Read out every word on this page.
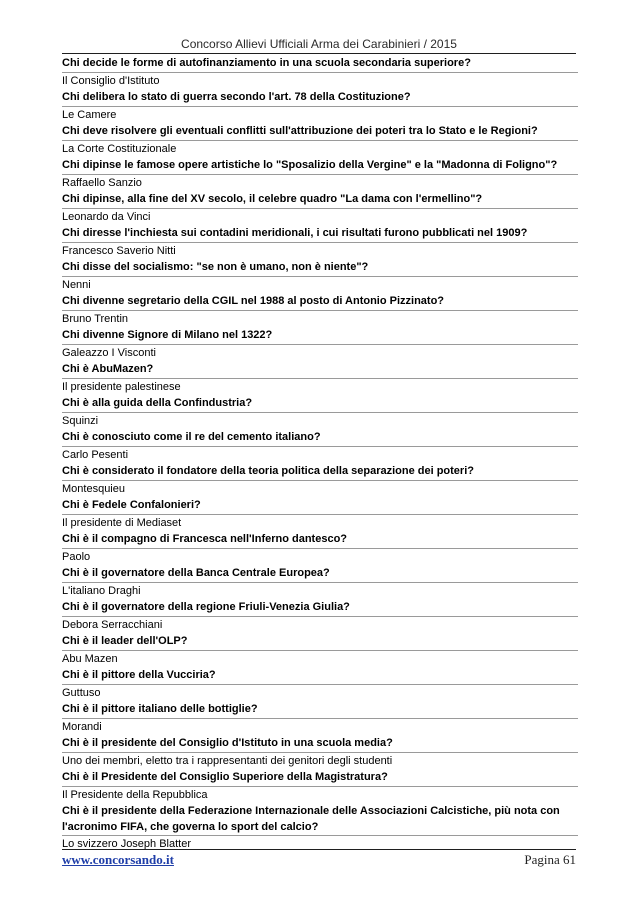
Concorso Allievi Ufficiali Arma dei Carabinieri / 2015
Chi decide le forme di autofinanziamento in una scuola secondaria superiore?
Il Consiglio d'Istituto
Chi delibera lo stato di guerra secondo l'art. 78 della Costituzione?
Le Camere
Chi deve risolvere gli eventuali conflitti sull'attribuzione dei poteri tra lo Stato e le Regioni?
La Corte Costituzionale
Chi dipinse le famose opere artistiche lo "Sposalizio della Vergine" e la "Madonna di Foligno"?
Raffaello Sanzio
Chi dipinse, alla fine del XV secolo, il celebre quadro "La dama con l'ermellino"?
Leonardo da Vinci
Chi diresse l'inchiesta sui contadini meridionali, i cui risultati furono pubblicati nel 1909?
Francesco Saverio Nitti
Chi disse del socialismo: "se non è umano, non è niente"?
Nenni
Chi divenne segretario della CGIL nel 1988 al posto di Antonio Pizzinato?
Bruno Trentin
Chi divenne Signore di Milano nel 1322?
Galeazzo I Visconti
Chi è AbuMazen?
Il presidente palestinese
Chi è alla guida della Confindustria?
Squinzi
Chi è conosciuto come il re del cemento italiano?
Carlo Pesenti
Chi è considerato il fondatore della teoria politica della separazione dei poteri?
Montesquieu
Chi è Fedele Confalonieri?
Il presidente di Mediaset
Chi è il compagno di Francesca nell'Inferno dantesco?
Paolo
Chi è il governatore della Banca Centrale Europea?
L'italiano Draghi
Chi è il governatore della regione Friuli-Venezia Giulia?
Debora Serracchiani
Chi è il leader dell'OLP?
Abu Mazen
Chi è il pittore della Vucciria?
Guttuso
Chi è il pittore italiano delle bottiglie?
Morandi
Chi è il presidente del Consiglio d'Istituto in una scuola media?
Uno dei membri, eletto tra i rappresentanti dei genitori degli studenti
Chi è il Presidente del Consiglio Superiore della Magistratura?
Il Presidente della Repubblica
Chi è il presidente della Federazione Internazionale delle Associazioni Calcistiche, più nota con l'acronimo FIFA, che governa lo sport del calcio?
Lo svizzero Joseph Blatter
www.concorsando.it	Pagina 61
